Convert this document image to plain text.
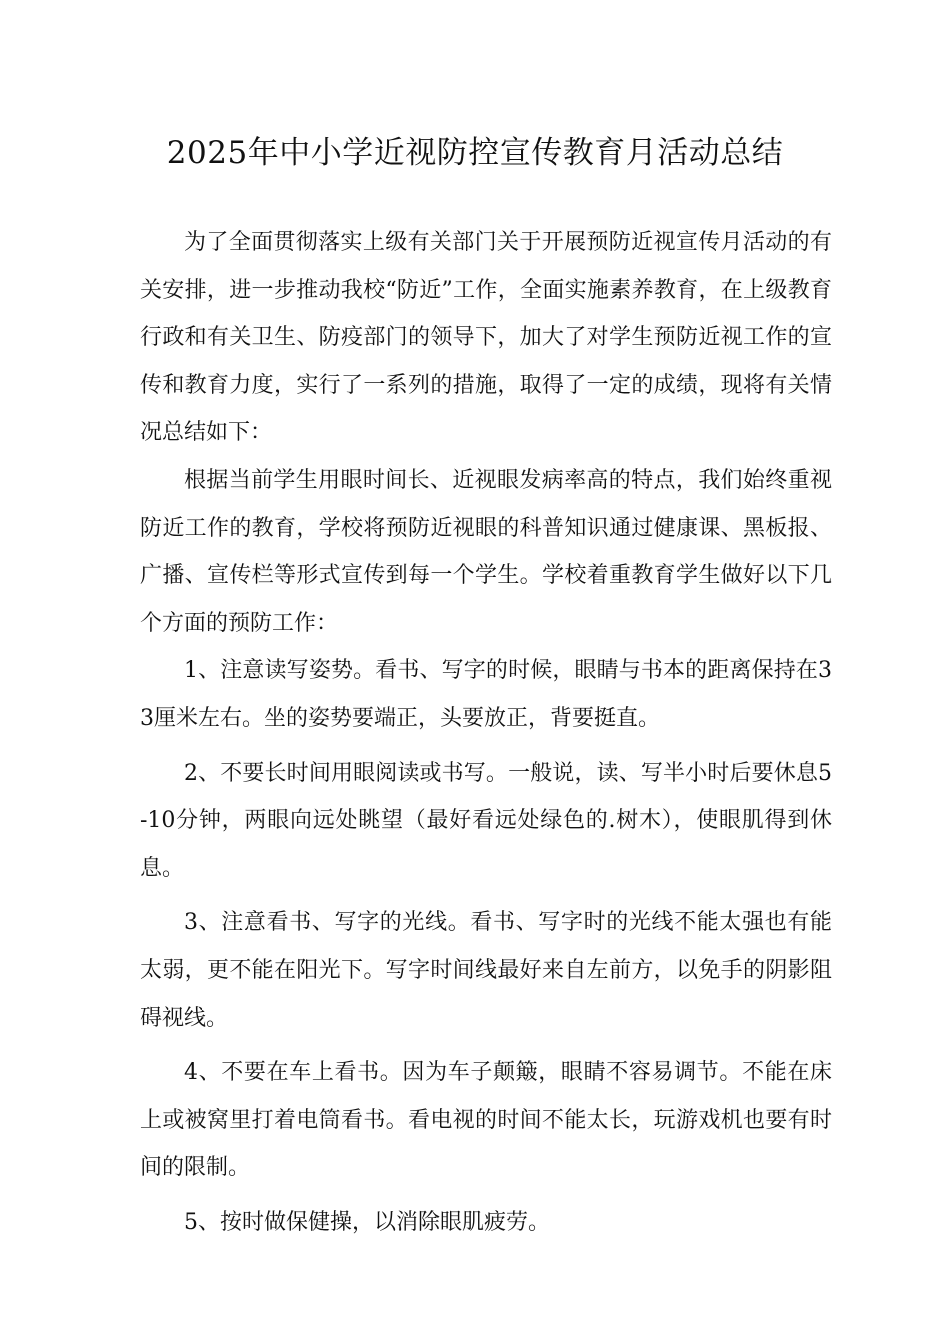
2025年中小学近视防控宣传教育月活动总结

为了全面贯彻落实上级有关部门关于开展预防近视宣传月活动的有关安排，进一步推动我校“防近”工作，全面实施素养教育，在上级教育行政和有关卫生、防疫部门的领导下，加大了对学生预防近视工作的宣传和教育力度，实行了一系列的措施，取得了一定的成绩，现将有关情况总结如下：

根据当前学生用眼时间长、近视眼发病率高的特点，我们始终重视防近工作的教育，学校将预防近视眼的科普知识通过健康课、黑板报、广播、宣传栏等形式宣传到每一个学生。学校着重教育学生做好以下几个方面的预防工作：

1、注意读写姿势。看书、写字的时候，眼睛与书本的距离保持在33厘米左右。坐的姿势要端正，头要放正，背要挺直。

2、不要长时间用眼阅读或书写。一般说，读、写半小时后要休息5-10分钟，两眼向远处眺望（最好看远处绿色的.树木），使眼肌得到休息。

3、注意看书、写字的光线。看书、写字时的光线不能太强也有能太弱，更不能在阳光下。写字时间线最好来自左前方，以免手的阴影阻碍视线。

4、不要在车上看书。因为车子颠簸，眼睛不容易调节。不能在床上或被窝里打着电筒看书。看电视的时间不能太长，玩游戏机也要有时间的限制。

5、按时做保健操，以消除眼肌疲劳。
